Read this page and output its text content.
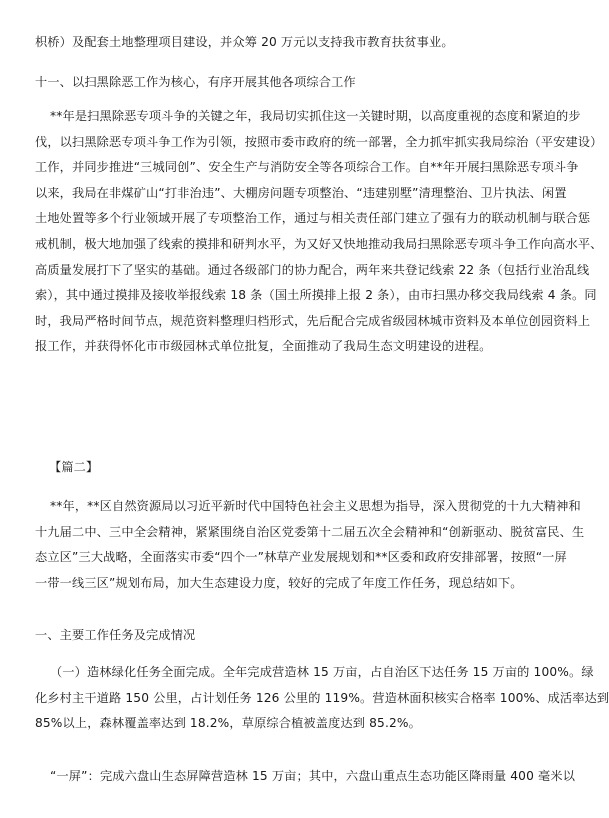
枳桥）及配套土地整理项目建设，并众筹 20 万元以支持我市教育扶贫事业。
十一、以扫黑除恶工作为核心，有序开展其他各项综合工作
**年是扫黑除恶专项斗争的关键之年，我局切实抓住这一关键时期，以高度重视的态度和紧迫的步
伐，以扫黑除恶专项斗争工作为引领，按照市委市政府的统一部署，全力抓牢抓实我局综治（平安建设）
工作，并同步推进“三城同创”、安全生产与消防安全等各项综合工作。自**年开展扫黑除恶专项斗争
以来，我局在非煤矿山“打非治违”、大棚房问题专项整治、“违建别墅”清理整治、卫片执法、闲置
土地处置等多个行业领域开展了专项整治工作，通过与相关责任部门建立了强有力的联动机制与联合惩
戒机制，极大地加强了线索的摸排和研判水平，为又好又快地推动我局扫黑除恶专项斗争工作向高水平、
高质量发展打下了坚实的基础。通过各级部门的协力配合，两年来共登记线索 22 条（包括行业治乱线
索），其中通过摸排及接收举报线索 18 条（国土所摸排上报 2 条），由市扫黑办移交我局线索 4 条。同
时，我局严格时间节点，规范资料整理归档形式，先后配合完成省级园林城市资料及本单位创园资料上
报工作，并获得怀化市市级园林式单位批复，全面推动了我局生态文明建设的进程。
【篇二】
**年，**区自然资源局以习近平新时代中国特色社会主义思想为指导，深入贯彻党的十九大精神和
十九届二中、三中全会精神，紧紧围绕自治区党委第十二届五次全会精神和“创新驱动、脱贫富民、生
态立区”三大战略，全面落实市委“四个一”林草产业发展规划和**区委和政府安排部署，按照“一屏
一带一线三区”规划布局，加大生态建设力度，较好的完成了年度工作任务，现总结如下。
一、主要工作任务及完成情况
（一）造林绿化任务全面完成。全年完成营造林 15 万亩，占自治区下达任务 15 万亩的 100%。绿
化乡村主干道路 150 公里，占计划任务 126 公里的 119%。营造林面积核实合格率 100%、成活率达到
85%以上，森林覆盖率达到 18.2%，草原综合植被盖度达到 85.2%。
“一屏”：完成六盘山生态屏障营造林 15 万亩；其中，六盘山重点生态功能区降雨量 400 毫米以
